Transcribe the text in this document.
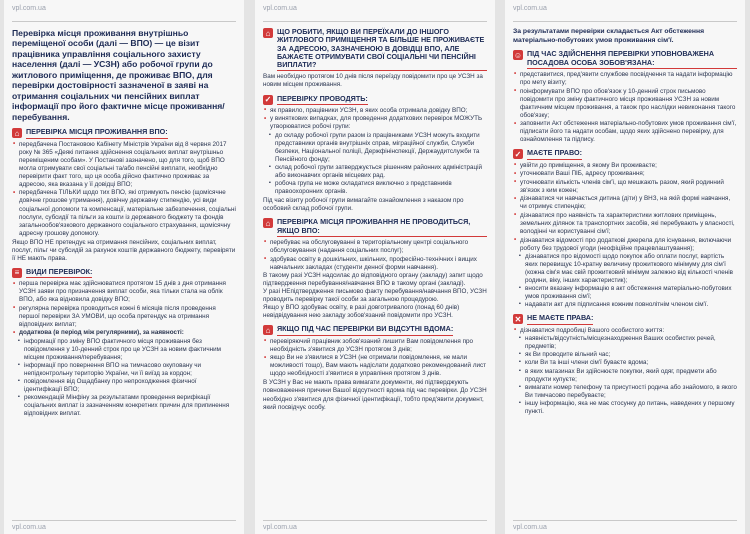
vpl.com.ua
Перевірка місця проживання внутрішньо переміщеної особи (далі — ВПО) — це візит працівника управління соціального захисту населення (далі — УСЗН) або робочої групи до житлового приміщення, де проживає ВПО, для перевірки достовірності зазначеної в заяві на отримання соціальних чи пенсійних виплат інформації про його фактичне місце проживання/перебування.
⌂ ПЕРЕВІРКА МІСЦЯ ПРОЖИВАННЯ ВПО:
• передбачена Постановою Кабінету Міністрів України від 8 червня 2017 року № 365 «Деякі питання здійснення соціальних виплат внутрішньо переміщеним особам». У Постанові зазначено, що для того, щоб ВПО могла отримувати свої соціальні та/або пенсійні виплати, необхідно перевірити факт того, що ця особа дійсно фактично проживає за адресою, яка вказана у її довідці ВПО;
• передбачена ТІЛЬКИ щодо тих ВПО, які отримують пенсію (щомісячне довічне грошове утримання), довічну державну стипендію, усі види соціальної допомоги та компенсації, матеріальне забезпечення, соціальні послуги, субсидії та пільги за кошти із державного бюджету та фондів загальнообов'язкового державного соціального страхування, щомісячну адресну грошову допомогу.

Якщо ВПО НЕ претендує на отримання пенсійних, соціальних виплат, послуг, пільг чи субсидій за рахунок коштів державного бюджету, перевіряти її НЕ мають права.

≡ ВИДИ ПЕРЕВІРОК:
• перша перевірка має здійснюватися протягом 15 днів з дня отримання УСЗН заяви про призначення виплат особи, яка тільки стала на облік ВПО, або яка відновила довідку ВПО;
• регулярна перевірка проводиться кожні 6 місяців після проведення першої перевірки ЗА УМОВИ, що особа претендує на отримання відповідних виплат;
• додаткова (в період між регулярними), за наявності:
▪ інформації про зміну ВПО фактичного місця проживання без повідомлення у 10-денний строк про це УСЗН за новим фактичним місцем проживання/перебування;
▪ інформації про повернення ВПО на тимчасово окуповану чи непідконтрольну територію України, чи її виїзд за кордон;
▪ повідомлення від Ощадбанку про непроходження фізичної ідентифікації ВПО;
▪ рекомендацій Мінфіну за результатами проведення верифікації соціальних виплат із зазначенням конкретних причин для припинення відповідних виплат.
vpl.com.ua
vpl.com.ua
⌂ ЩО РОБИТИ, ЯКЩО ВИ ПЕРЕЇХАЛИ ДО ІНШОГО ЖИТЛОВОГО ПРИМІЩЕННЯ ТА БІЛЬШЕ НЕ ПРОЖИВАЄТЕ ЗА АДРЕСОЮ, ЗАЗНАЧЕНОЮ В ДОВІДЦІ ВПО, АЛЕ БАЖАЄТЕ ОТРИМУВАТИ СВОЇ СОЦІАЛЬНІ ЧИ ПЕНСІЙНІ ВИПЛАТИ?

Вам необхідно протягом 10 днів після переїзду повідомити про це УСЗН за новим місцем проживання.

✓ ПЕРЕВІРКУ ПРОВОДЯТЬ:
• як правило, працівники УСЗН, в яких особа отримала довідку ВПО;
• у виняткових випадках, для проведення додаткових перевірок МОЖУТЬ утворюватися робочі групи:
▪ до складу робочої групи разом із працівниками УСЗН можуть входити представники органів внутрішніх справ, міграційної служби, Служби безпеки, Національної поліції, Держфінінспекції, Держаудитслужби та Пенсійного фонду;
▪ склад робочої групи затверджується рішенням районних адміністрацій або виконавчих органів місцевих рад.
▪ робоча група не може складатися виключно з представників правоохоронних органів.

Під час візиту робочої групи вимагайте ознайомлення з наказом про особовий склад робочої групи.

⌂ ПЕРЕВІРКА МІСЦЯ ПРОЖИВАННЯ НЕ ПРОВОДИТЬСЯ, ЯКЩО ВПО:
• перебуває на обслуговуванні в територіальному центрі соціального обслуговування (надання соціальних послуг);
• здобуває освіту в дошкільних, шкільних, професійно-технічних і вищих навчальних закладах (студенти денної форми навчання).

В такому разі УСЗН надсилає до відповідного органу (закладу) запит щодо підтвердження перебування/навчання ВПО в такому органі (закладі).

У разі НЕпідтвердження письмово факту перебування/навчання ВПО, УСЗН проводить перевірку такої особи за загальною процедурою.

Якщо у ВПО здобуває освіту, в разі довготривалого (понад 60 днів) невідвідування нею закладу зобов'язаний повідомити про УСЗН.

⌂ ЯКЩО ПІД ЧАС ПЕРЕВІРКИ ВИ ВІДСУТНІ ВДОМА:
• перевіряючий працівник зобов'язаний лишити Вам повідомлення про необхідність з'явитися до УСЗН протягом 3 днів;
• якщо Ви не з'явилися в УСЗН (не отримали повідомлення, не мали можливості тощо), Вам мають надіслати додатково рекомендований лист щодо необхідності з'явитися в управління протягом 3 днів.

В УСЗН у Вас не мають права вимагати документи, які підтверджують повноваження причини Вашої відсутності вдома під час перевірки. До УСЗН необхідно з'явитися для фізичної ідентифікації, тобто пред'явити документ, який посвідчує особу.

vpl.com.ua
vpl.com.ua

За результатами перевірки складається Акт обстеження матеріально-побутових умов проживання сім'ї.

☺ ПІД ЧАС ЗДІЙСНЕННЯ ПЕРЕВІРКИ УПОВНОВАЖЕНА ПОСАДОВА ОСОБА ЗОБОВ'ЯЗАНА:
• представитися, пред'явити службове посвідчення та надати інформацію про мету візиту;
• поінформувати ВПО про обов'язок у 10-денний строк письмово повідомити про зміну фактичного місця проживання УСЗН за новим фактичним місцем проживання, а також про наслідки невиконання такого обов'язку;
• заповнити Акт обстеження матеріально-побутових умов проживання сім'ї, підписати його та надати особам, щодо яких здійснено перевірку, для ознайомлення та підпису.
✓ МАЄТЕ ПРАВО:
• увійти до приміщення, в якому Ви проживаєте;
• уточнювати Ваші ПІБ, адресу проживання;
• уточнювати кількість членів сім'ї, що мешкають разом, який родинний зв'язок з ким кожен;
• дізнаватися чи навчається дитина (діти) у ВНЗ, на якій формі навчання, чи отримує стипендію;
• дізнаватися про наявність та характеристики житлових приміщень, земельних ділянок та транспортних засобів, які перебувають у власності, володінні чи користуванні сім'ї;
• дізнаватися відомості про додаткові джерела для існування, включаючи роботу без трудової угоди (неофіційне працевлаштування);
▪ дізнаватися про відомості щодо покупок або оплати послуг, вартість яких перевищує 10-кратну величину прожиткового мінімуму для сім'ї (кожна сім'я має свій прожитковий мінімум залежно від кількості членів родини, віку, інших характеристик);
▪ вносити вказану інформацію в акт обстеження матеріально-побутових умов проживання сім'ї;
▪ надавати акт для підписання кожним повнолітнім членом сім'ї.
✕ НЕ МАЄТЕ ПРАВА:
• дізнаватися подробиці Вашого особистого життя:
▪ наявність/відсутність/місцезнаходження Ваших особистих речей, предметів;
▪ як Ви проводите вільний час;
▪ коли Ви та інші члени сім'ї буваєте вдома;
▪ в яких магазинах Ви здійснюєте покупки, який одяг, предмети або продукти купуєте;
▪ вимагати номер телефону та присутності родича або знайомого, в якого Ви тимчасово перебуваєте;
▪ іншу інформацію, яка не має стосунку до питань, наведених у першому пункті.
vpl.com.ua
